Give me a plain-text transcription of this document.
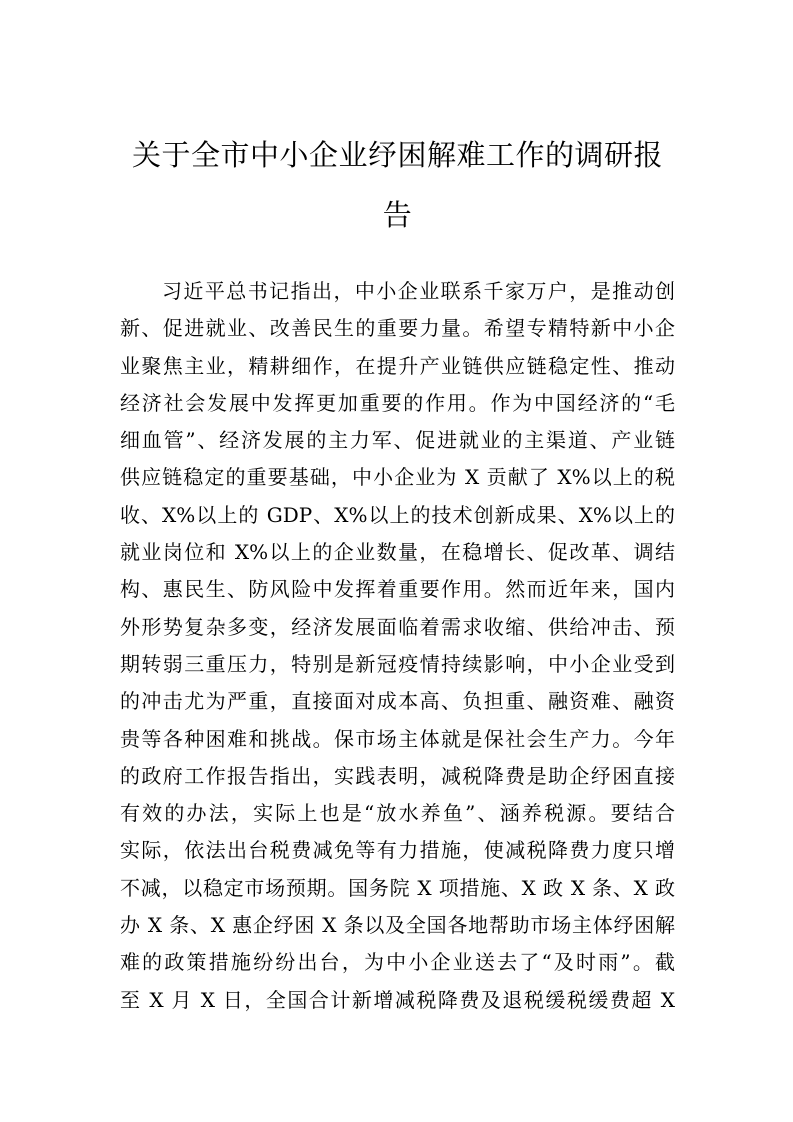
关于全市中小企业纾困解难工作的调研报告
习近平总书记指出，中小企业联系千家万户，是推动创
新、促进就业、改善民生的重要力量。希望专精特新中小企
业聚焦主业，精耕细作，在提升产业链供应链稳定性、推动
经济社会发展中发挥更加重要的作用。作为中国经济的“毛
细血管”、经济发展的主力军、促进就业的主渠道、产业链
供应链稳定的重要基础，中小企业为 X 贡献了 X%以上的税
收、X%以上的 GDP、X%以上的技术创新成果、X%以上的
就业岗位和 X%以上的企业数量，在稳增长、促改革、调结
构、惠民生、防风险中发挥着重要作用。然而近年来，国内
外形势复杂多变，经济发展面临着需求收缩、供给冲击、预
期转弱三重压力，特别是新冠疫情持续影响，中小企业受到
的冲击尤为严重，直接面对成本高、负担重、融资难、融资
贵等各种困难和挑战。保市场主体就是保社会生产力。今年
的政府工作报告指出，实践表明，减税降费是助企纾困直接
有效的办法，实际上也是“放水养鱼”、涵养税源。要结合
实际，依法出台税费减免等有力措施，使减税降费力度只增
不减，以稳定市场预期。国务院 X 项措施、X 政 X 条、X 政
办 X 条、X 惠企纾困 X 条以及全国各地帮助市场主体纾困解
难的政策措施纷纷出台，为中小企业送去了“及时雨”。截
至 X 月 X 日，全国合计新增减税降费及退税缓税缓费超 X
